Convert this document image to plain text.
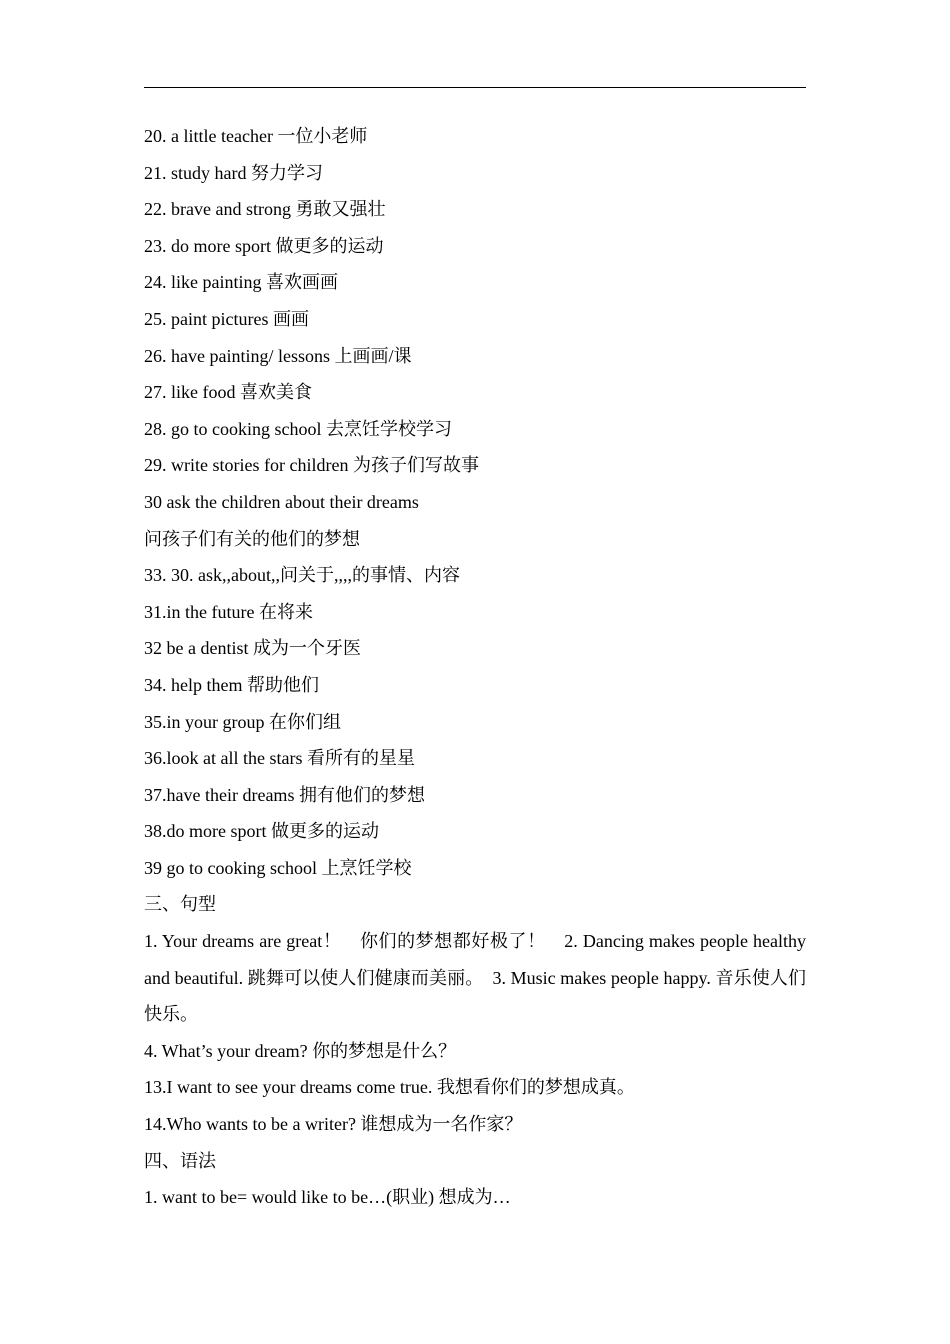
20. a little teacher 一位小老师
21. study hard 努力学习
22. brave and strong 勇敢又强壮
23. do more sport 做更多的运动
24. like painting 喜欢画画
25. paint pictures 画画
26. have painting/ lessons 上画画/课
27. like food 喜欢美食
28. go to cooking school 去烹饪学校学习
29. write stories for children 为孩子们写故事
30 ask the children about their dreams
问孩子们有关的他们的梦想
33. 30. ask,,about,,问关于,,,,的事情、内容
31.in the future 在将来
32 be a dentist 成为一个牙医
34. help them 帮助他们
35.in your group 在你们组
36.look at all the stars 看所有的星星
37.have their dreams 拥有他们的梦想
38.do more sport 做更多的运动
39 go to cooking school 上烹饪学校
三、句型
1. Your dreams are great！　你们的梦想都好极了！　2. Dancing makes people healthy and beautiful. 跳舞可以使人们健康而美丽。　3. Music makes people happy. 音乐使人们快乐。
4. What’s your dream? 你的梦想是什么？
13.I want to see your dreams come true. 我想看你们的梦想成真。
14.Who wants to be a writer? 谁想成为一名作家？
四、语法
1. want to be= would like to be…(职业) 想成为…
